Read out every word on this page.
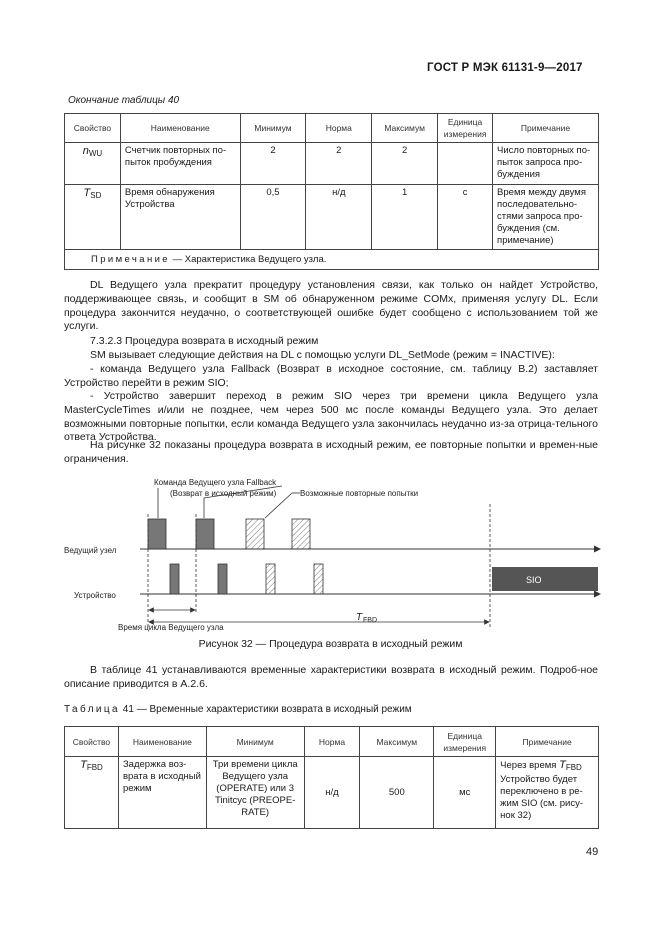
ГОСТ Р МЭК 61131-9—2017
Окончание таблицы 40
Свойство	Наименование	Минимум	Норма	Максимум	Единица измерения	Примечание
$n_{WU}$	Счетчик повторных по-пыток пробуждения	2	2	2		Число повторных по-пыток запроса про-буждения
$T_{SD}$	Время обнаружения Устройства	0,5	н/д	1	с	Время между двумя последовательно-стями запроса про-буждения (см. примечание)
Примечание — Характеристика Ведущего узла.						
DL Ведущего узла прекратит процедуру установления связи, как только он найдет Устройство, поддерживающее связь, и сообщит в SM об обнаруженном режиме COMx, применяя услугу DL. Если процедура закончится неудачно, о соответствующей ошибке будет сообщено с использованием той же услуги.
7.3.2.3 Процедура возврата в исходный режим
SM вызывает следующие действия на DL с помощью услуги DL_SetMode (режим = INACTIVE):
- команда Ведущего узла Fallback (Возврат в исходное состояние, см. таблицу B.2) заставляет Устройство перейти в режим SIO;
- Устройство завершит переход в режим SIO через три времени цикла Ведущего узла MasterCycleTimes и/или не позднее, чем через 500 мс после команды Ведущего узла. Это делает возможными повторные попытки, если команда Ведущего узла закончилась неудачно из-за отрица-тельного ответа Устройства.
На рисунке 32 показаны процедура возврата в исходный режим, ее повторные попытки и времен-ные ограничения.
Команда Ведущего узла Fallback
(Возврат в исходный режим)	Возможные повторные попытки
Ведущий узел
Устройство
SIO
Время цикла Ведущего узла
T FBD
Рисунок 32 — Процедура возврата в исходный режим
В таблице 41 устанавливаются временные характеристики возврата в исходный режим. Подроб-ное описание приводится в А.2.6.
Таблица 41 — Временные характеристики возврата в исходный режим
Свойство	Наименование	Минимум	Норма	Максимум	Единица измерения	Примечание
$T_{FBD}$	Задержка воз-врата в исходный режим	Три времени цикла Ведущего узла (OPERATE) или 3 Tinitcyc (PREOPE-RATE)	н/д	500	мс	Через время $T_{FBD}$ Устройство будет переключено в ре-жим SIO (см. рису-нок 32)
49
